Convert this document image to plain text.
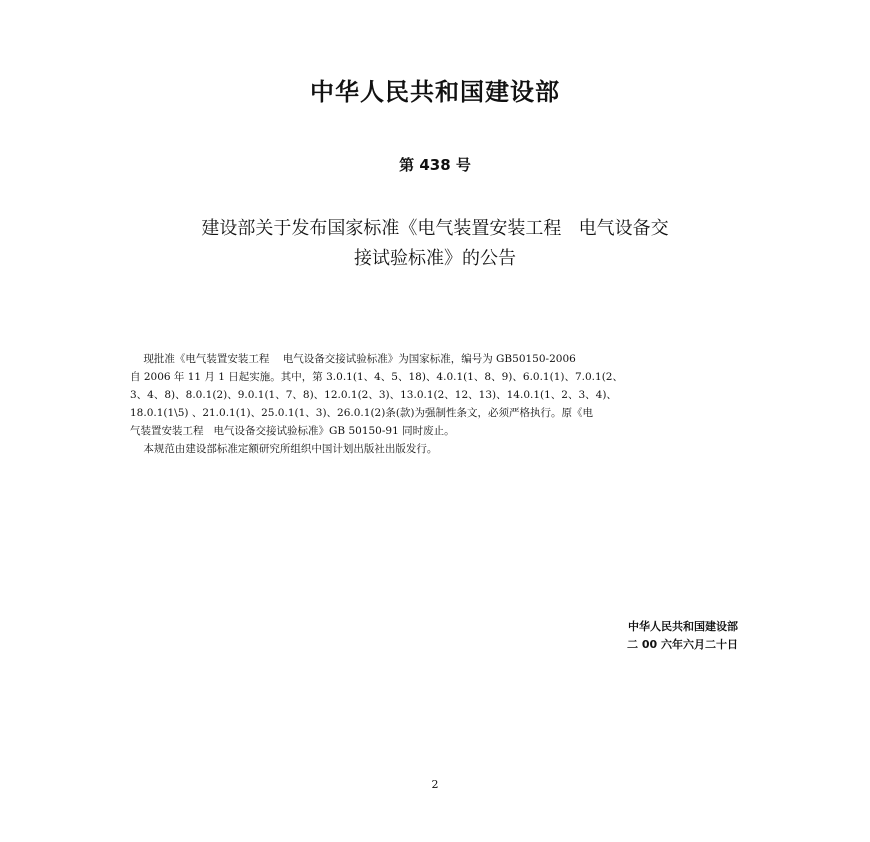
中华人民共和国建设部
第 438 号
建设部关于发布国家标准《电气装置安装工程   电气设备交
接试验标准》的公告
现批准《电气装置安装工程    电气设备交接试验标准》为国家标准，编号为 GB50150-2006
自 2006 年 11 月 1 日起实施。其中，第 3.0.1(1、4、5、18)、4.0.1(1、8、9)、6.0.1(1)、7.0.1(2、
3、4、8)、8.0.1(2)、9.0.1(1、7、8)、12.0.1(2、3)、13.0.1(2、12、13)、14.0.1(1、2、3、4)、
18.0.1(1\5) 、21.0.1(1)、25.0.1(1、3)、26.0.1(2)条(款)为强制性条文，必须严格执行。原《电
气装置安装工程   电气设备交接试验标准》GB 50150-91 同时废止。
本规范由建设部标准定额研究所组织中国计划出版社出版发行。
中华人民共和国建设部
二 00 六年六月二十日
2
